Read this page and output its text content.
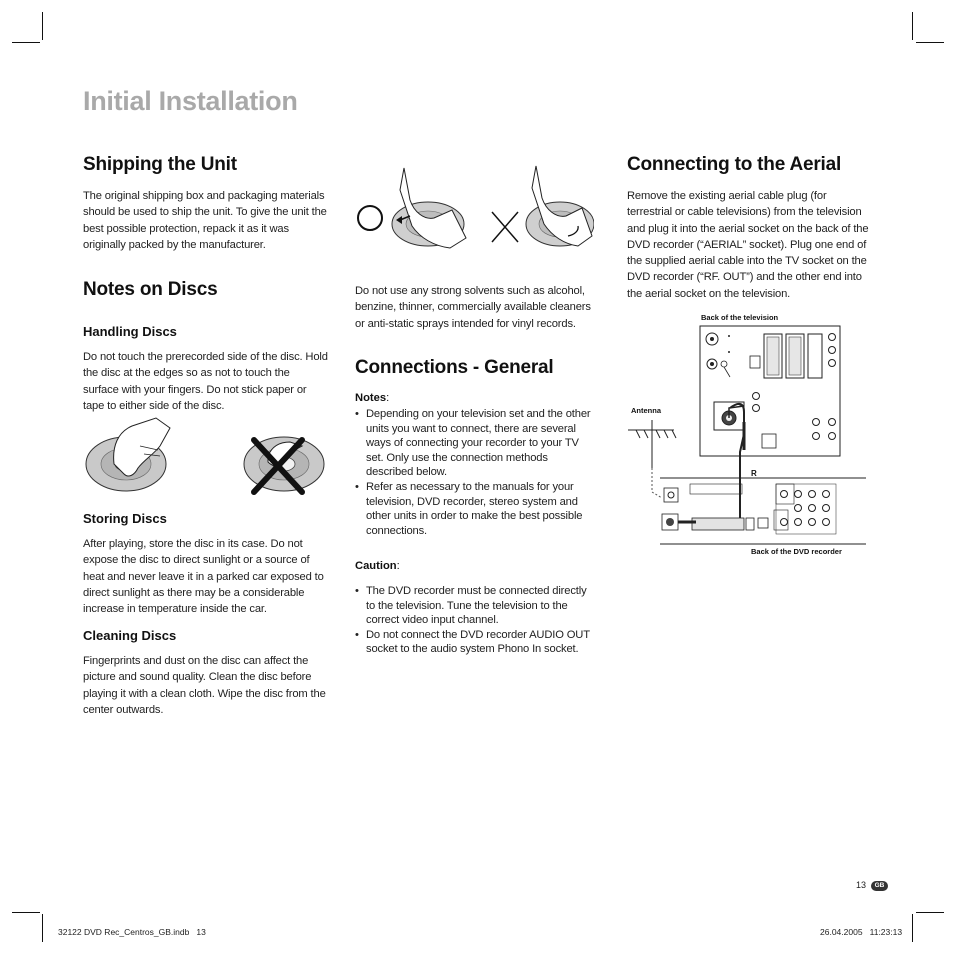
Initial Installation
Shipping the Unit

The original shipping box and packaging materials should be used to ship the unit. To give the unit the best possible protection, repack it as it was originally packed by the manufacturer.

Notes on Discs
Handling Discs

Do not touch the prerecorded side of the disc. Hold the disc at the edges so as not to touch the surface with your fingers. Do not stick paper or tape to either side of the disc.

Storing Discs

After playing, store the disc in its case. Do not expose the disc to direct sunlight or a source of heat and never leave it in a parked car exposed to direct sunlight as there may be a considerable increase in temperature inside the car.

Cleaning Discs

Fingerprints and dust on the disc can affect the picture and sound quality. Clean the disc before playing it with a clean cloth. Wipe the disc from the center outwards.

Do not use any strong solvents such as alcohol, benzine, thinner, commercially available cleaners or anti-static sprays intended for vinyl records.

Connections - General
Notes:
• Depending on your television set and the other units you want to connect, there are several ways of connecting your recorder to your TV set. Only use the connection methods described below.
• Refer as necessary to the manuals for your television, DVD recorder, stereo system and other units in order to make the best possible connections.
Caution:
• The DVD recorder must be connected directly to the television. Tune the television to the correct video input channel.
• Do not connect the DVD recorder AUDIO OUT socket to the audio system Phono In socket.
Connecting to the Aerial

Remove the existing aerial cable plug (for terrestrial or cable televisions) from the television and plug it into the aerial socket on the back of the DVD recorder (“AERIAL” socket). Plug one end of the supplied aerial cable into the TV socket on the DVD recorder (“RF. OUT”) and the other end into the aerial socket on the television.

Back of the television
Antenna
R
Back of the DVD recorder
13	GB
32122 DVD Rec_Centros_GB.indb   13	26.04.2005   11:23:13
